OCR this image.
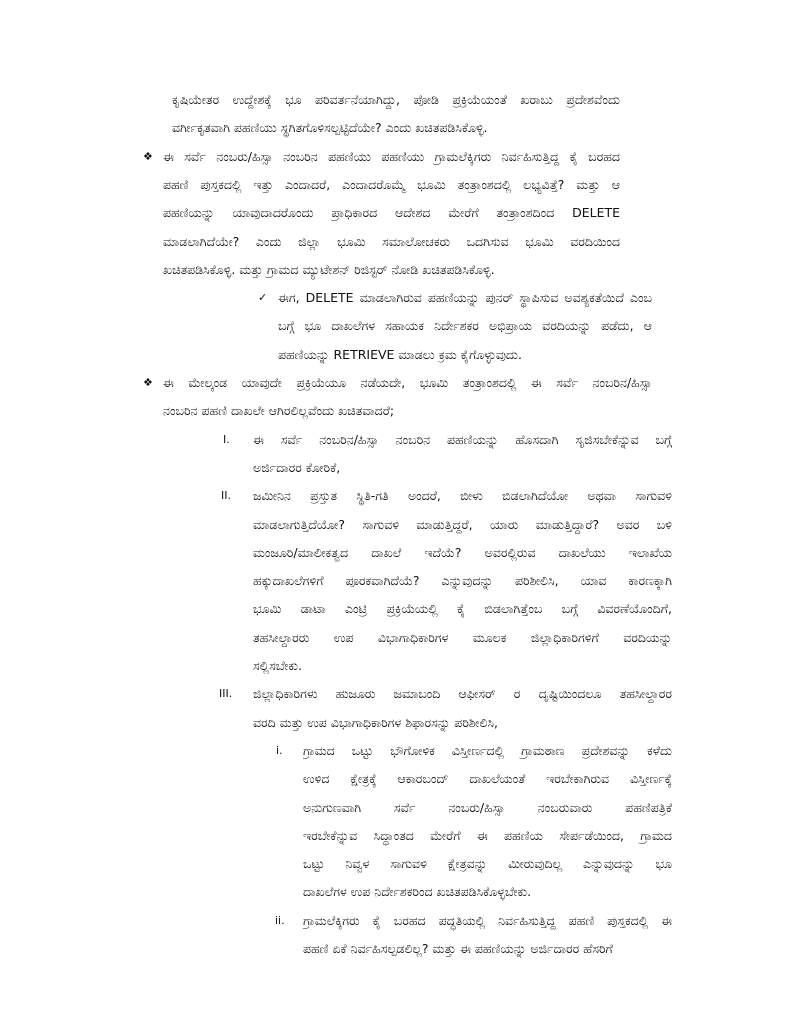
ಕೃಷಿಯೇತರ ಉದ್ದೇಶಕ್ಕೆ ಭೂ ಪರಿವರ್ತನೆಯಾಗಿದ್ದು, ಪೋಡಿ ಪ್ರಕ್ರಿಯೆಯಂತೆ ಖರಾಬು ಪ್ರದೇಶವೆಂದು
ವರ್ಗೀಕೃತವಾಗಿ ಪಹಣಿಯು ಸ್ಥಗಿತಗೊಳಿಸಲ್ಪಟ್ಟಿದೆಯೇ? ಎಂದು ಖಚಿತಪಡಿಸಿಕೊಳ್ಳಿ.
❖ ಈ ಸರ್ವೆ ನಂಬರು/ಹಿಸ್ಸಾ ನಂಬರಿನ ಪಹಣಿಯು ಪಹಣಿಯು ಗ್ರಾಮಲೆಕ್ಕಿಗರು ನಿರ್ವಹಿಸುತ್ತಿದ್ದ ಕೈ ಬರಹದ
ಪಹಣಿ ಪುಸ್ತಕದಲ್ಲಿ ಇತ್ತು ಎಂದಾದರೆ, ಎಂದಾದರೊಮ್ಮೆ ಭೂಮಿ ತಂತ್ರಾಂಶದಲ್ಲಿ ಲಭ್ಯವಿತ್ತೆ? ಮತ್ತು ಆ
ಪಹಣಿಯನ್ನು ಯಾವುದಾದರೊಂದು ಪ್ರಾಧಿಕಾರದ ಆದೇಶದ ಮೇರೆಗೆ ತಂತ್ರಾಂಶದಿಂದ DELETE
ಮಾಡಲಾಗಿದೆಯೇ? ಎಂದು ಜಿಲ್ಲಾ ಭೂಮಿ ಸಮಾಲೋಚಕರು ಒದಗಿಸುವ ಭೂಮಿ ವರದಿಯಿಂದ
ಖಚಿತಪಡಿಸಿಕೊಳ್ಳಿ. ಮತ್ತು ಗ್ರಾಮದ ಮ್ಯುಟೇಶನ್ ರಿಜಿಸ್ಟರ್ ನೋಡಿ ಖಚಿತಪಡಿಸಿಕೊಳ್ಳಿ.
✓ ಈಗ, DELETE ಮಾಡಲಾಗಿರುವ ಪಹಣಿಯನ್ನು ಪುನರ್ ಸ್ಥಾಪಿಸುವ ಅವಶ್ಯಕತೆಯಿದೆ ಎಂಬ
ಬಗ್ಗೆ ಭೂ ದಾಖಲೆಗಳ ಸಹಾಯಕ ನಿರ್ದೇಶಕರ ಅಭಿಪ್ರಾಯ ವರದಿಯನ್ನು ಪಡೆದು, ಆ
ಪಹಣಿಯನ್ನು RETRIEVE ಮಾಡಲು ಕ್ರಮ ಕೈಗೊಳ್ಳುವುದು.
❖ ಈ ಮೇಲ್ಕಂಡ ಯಾವುದೇ ಪ್ರಕ್ರಿಯೆಯೂ ನಡೆಯದೇ, ಭೂಮಿ ತಂತ್ರಾಂಶದಲ್ಲಿ ಈ ಸರ್ವೆ ನಂಬರಿನ/ಹಿಸ್ಸಾ
ನಂಬರಿನ ಪಹಣಿ ದಾಖಲೇ ಆಗಿರಲಿಲ್ಲವೆಂದು ಖಚಿತವಾದರೆ;
I. ಈ ಸರ್ವೆ ನಂಬರಿನ/ಹಿಸ್ಸಾ ನಂಬರಿನ ಪಹಣಿಯನ್ನು ಹೊಸದಾಗಿ ಸೃಜಿಸಬೇಕೆನ್ನುವ ಬಗ್ಗೆ
ಅರ್ಜಿದಾರರ ಕೋರಿಕೆ,
II. ಜಮೀನಿನ ಪ್ರಸ್ತುತ ಸ್ಥಿತಿ-ಗತಿ ಅಂದರೆ, ಬೀಳು ಬಿಡಲಾಗಿದೆಯೋ ಅಥವಾ ಸಾಗುವಳಿ
ಮಾಡಲಾಗುತ್ತಿದೆಯೋ? ಸಾಗುವಳಿ ಮಾಡುತ್ತಿದ್ದರೆ, ಯಾರು ಮಾಡುತ್ತಿದ್ದಾರೆ? ಅವರ ಬಳಿ
ಮಂಜೂರಿ/ಮಾಲೀಕತ್ವದ ದಾಖಲೆ ಇದೆಯೆ? ಅವರಲ್ಲಿರುವ ದಾಖಲೆಯು ಇಲಾಖೆಯ
ಹಕ್ಕುದಾಖಲೆಗಳಿಗೆ ಪೂರಕವಾಗಿದೆಯೆ? ಎನ್ನುವುದನ್ನು ಪರಿಶೀಲಿಸಿ, ಯಾವ ಕಾರಣಕ್ಕಾಗಿ
ಭೂಮಿ ಡಾಟಾ ಎಂಟ್ರಿ ಪ್ರಕ್ರಿಯೆಯಲ್ಲಿ ಕೈ ಬಿಡಲಾಗಿತ್ತೆಂಬ ಬಗ್ಗೆ ವಿವರಣೆಯೊಂದಿಗೆ,
ತಹಸೀಲ್ದಾರರು ಉಪ ವಿಭಾಗಾಧಿಕಾರಿಗಳ ಮೂಲಕ ಜಿಲ್ಲಾಧಿಕಾರಿಗಳಿಗೆ ವರದಿಯನ್ನು
ಸಲ್ಲಿಸಬೇಕು.
III. ಜಿಲ್ಲಾಧಿಕಾರಿಗಳು ಹುಜೂರು ಜಮಾಬಂದಿ ಆಫೀಸರ್ ರ ದೃಷ್ಟಿಯಿಂದಲೂ ತಹಸೀಲ್ದಾರರ
ವರದಿ ಮತ್ತು ಉಪ ವಿಭಾಗಾಧಿಕಾರಿಗಳ ಶಿಫಾರಸನ್ನು ಪರಿಶೀಲಿಸಿ,
i. ಗ್ರಾಮದ ಒಟ್ಟು ಭೌಗೋಳಿಕ ವಿಸ್ತೀರ್ಣದಲ್ಲಿ ಗ್ರಾಮಠಾಣ ಪ್ರದೇಶವನ್ನು ಕಳೆದು
ಉಳಿದ ಕ್ಷೇತ್ರಕ್ಕೆ ಆಕಾರಬಂದ್ ದಾಖಲೆಯಂತೆ ಇರಬೇಕಾಗಿರುವ ವಿಸ್ತೀರ್ಣಕ್ಕೆ
ಅನುಗುಣವಾಗಿ ಸರ್ವೆ ನಂಬರು/ಹಿಸ್ಸಾ ನಂಬರುವಾರು ಪಹಣಿಪತ್ರಿಕೆ
ಇರಬೇಕೆನ್ನುವ ಸಿದ್ಧಾಂತದ ಮೇರೆಗೆ ಈ ಪಹಣಿಯ ಸೇರ್ಪಡೆಯಿಂದ, ಗ್ರಾಮದ
ಒಟ್ಟು ನಿವ್ವಳ ಸಾಗುವಳಿ ಕ್ಷೇತ್ರವನ್ನು ಮೀರುವುದಿಲ್ಲ ಎನ್ನುವುದನ್ನು ಭೂ
ದಾಖಲೆಗಳ ಉಪ ನಿರ್ದೇಶಕರಿಂದ ಖಚಿತಪಡಿಸಿಕೊಳ್ಳಬೇಕು.
ii. ಗ್ರಾಮಲೆಕ್ಕಿಗರು ಕೈ ಬರಹದ ಪದ್ಧತಿಯಲ್ಲಿ ನಿರ್ವಹಿಸುತ್ತಿದ್ದ ಪಹಣಿ ಪುಸ್ತಕದಲ್ಲಿ ಈ
ಪಹಣಿ ಏಕೆ ನಿರ್ವಹಿಸಲ್ಪಡಲಿಲ್ಲ? ಮತ್ತು ಈ ಪಹಣಿಯನ್ನು ಅರ್ಜಿದಾರರ ಹೆಸರಿಗೆ
